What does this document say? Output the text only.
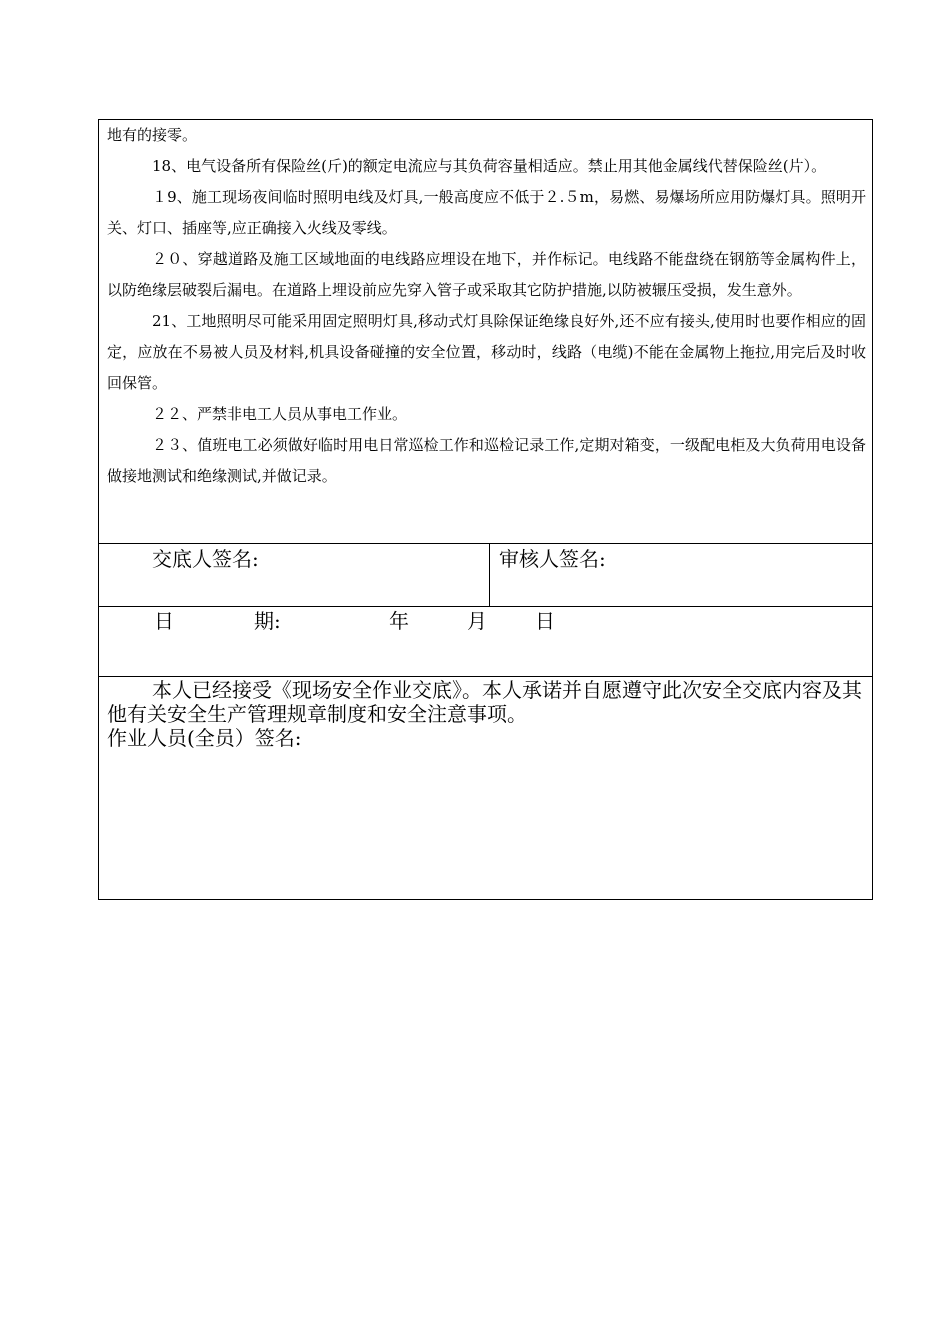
地有的接零。

18、电气设备所有保险丝(斤)的额定电流应与其负荷容量相适应。禁止用其他金属线代替保险丝(片）。

１9、施工现场夜间临时照明电线及灯具,一般高度应不低于２.５m，易燃、易爆场所应用防爆灯具。照明开关、灯口、插座等,应正确接入火线及零线。

２０、穿越道路及施工区域地面的电线路应埋设在地下，并作标记。电线路不能盘绕在钢筋等金属构件上，以防绝缘层破裂后漏电。在道路上埋设前应先穿入管子或采取其它防护措施,以防被辗压受损，发生意外。

21、工地照明尽可能采用固定照明灯具,移动式灯具除保证绝缘良好外,还不应有接头,使用时也要作相应的固定，应放在不易被人员及材料,机具设备碰撞的安全位置，移动时，线路（电缆)不能在金属物上拖拉,用完后及时收回保管。

２２、严禁非电工人员从事电工作业。

２３、值班电工必须做好临时用电日常巡检工作和巡检记录工作,定期对箱变，一级配电柜及大负荷用电设备做接地测试和绝缘测试,并做记录。

交底人签名:	审核人签名:
日	期:	年	月 日

本人已经接受《现场安全作业交底》。本人承诺并自愿遵守此次安全交底内容及其他有关安全生产管理规章制度和安全注意事项。

作业人员(全员）签名:
